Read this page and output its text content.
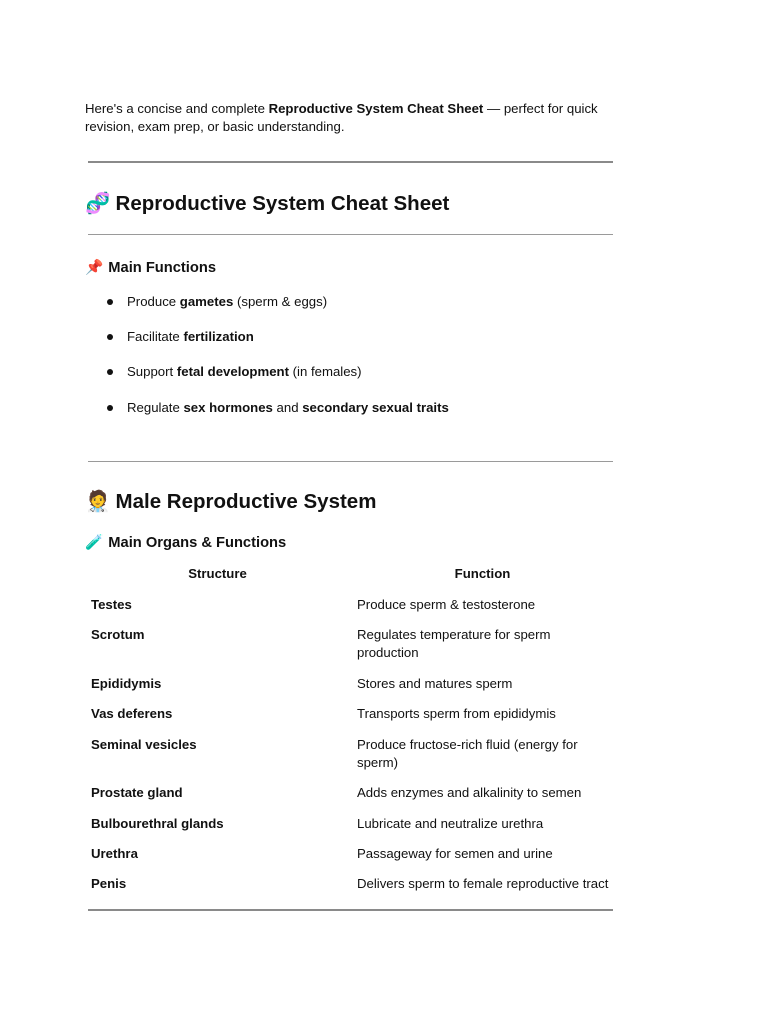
Here's a concise and complete Reproductive System Cheat Sheet — perfect for quick revision, exam prep, or basic understanding.
🧬 Reproductive System Cheat Sheet
📌 Main Functions
Produce gametes (sperm & eggs)
Facilitate fertilization
Support fetal development (in females)
Regulate sex hormones and secondary sexual traits
🧑‍⚕️ Male Reproductive System
🧪 Main Organs & Functions
Structure	Function
Testes	Produce sperm & testosterone
Scrotum	Regulates temperature for sperm production
Epididymis	Stores and matures sperm
Vas deferens	Transports sperm from epididymis
Seminal vesicles	Produce fructose-rich fluid (energy for sperm)
Prostate gland	Adds enzymes and alkalinity to semen
Bulbourethral glands	Lubricate and neutralize urethra
Urethra	Passageway for semen and urine
Penis	Delivers sperm to female reproductive tract
